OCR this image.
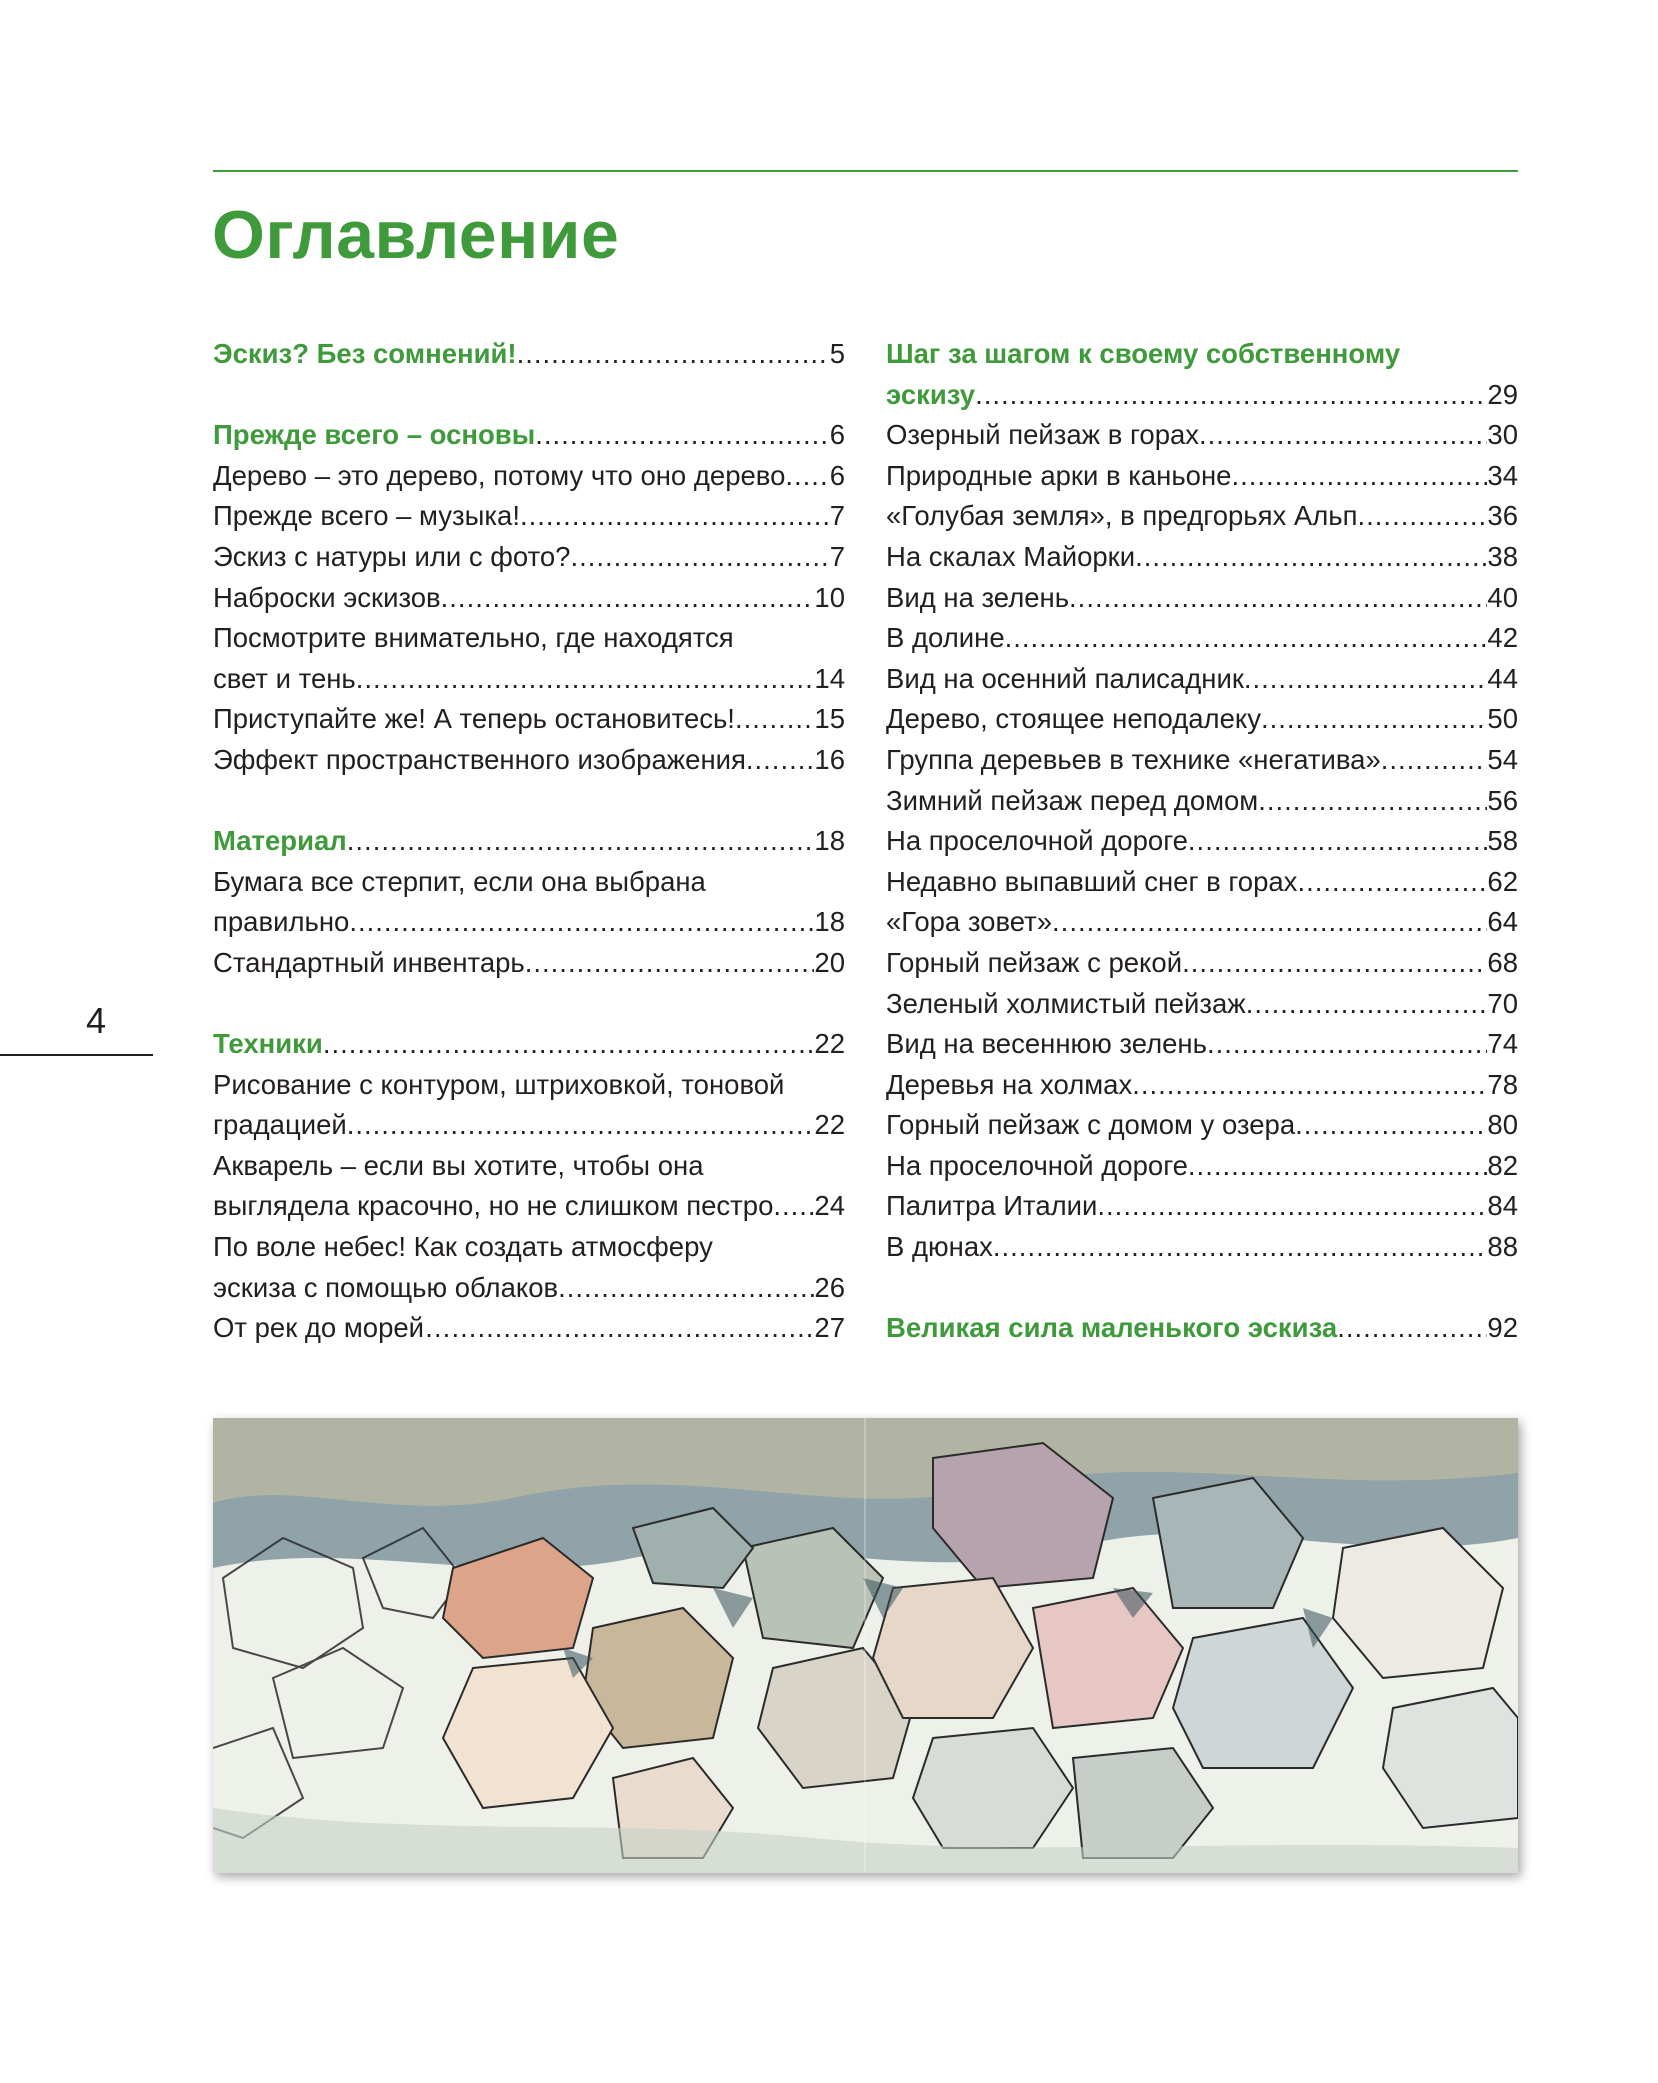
Оглавление
Эскиз? Без сомнений! .....	5
Прежде всего – основы .....	6
Дерево – это дерево, потому что оно дерево ..... 6
Прежде всего – музыка! .....	7
Эскиз с натуры или с фото? .....	7
Наброски эскизов .....	10
Посмотрите внимательно, где находятся
свет и тень .....	14
Приступайте же! А теперь остановитесь! .....	15
Эффект пространственного изображения ..... 16
Материал .....	18
Бумага все стерпит, если она выбрана
правильно .....	18
Стандартный инвентарь .....	20
Техники .....	22
Рисование с контуром, штриховкой, тоновой
градацией .....	22
Акварель – если вы хотите, чтобы она
выглядела красочно, но не слишком пестро ..... 24
По воле небес! Как создать атмосферу
эскиза с помощью облаков .....	26
От рек до морей… .....	27
Шаг за шагом к своему собственному
эскизу .....	29
Озерный пейзаж в горах .....	30
Природные арки в каньоне .....	34
«Голубая земля», в предгорьях Альп .....	36
На скалах Майорки .....	38
Вид на зелень .....	40
В долине .....	42
Вид на осенний палисадник .....	44
Дерево, стоящее неподалеку .....	50
Группа деревьев в технике «негатива» .....	54
Зимний пейзаж перед домом .....	56
На проселочной дороге .....	58
Недавно выпавший снег в горах .....	62
«Гора зовет» .....	64
Горный пейзаж с рекой .....	68
Зеленый холмистый пейзаж .....	70
Вид на весеннюю зелень .....	74
Деревья на холмах .....	78
Горный пейзаж с домом у озера .....	80
На проселочной дороге .....	82
Палитра Италии .....	84
В дюнах .....	88
Великая сила маленького эскиза .....	92
4
